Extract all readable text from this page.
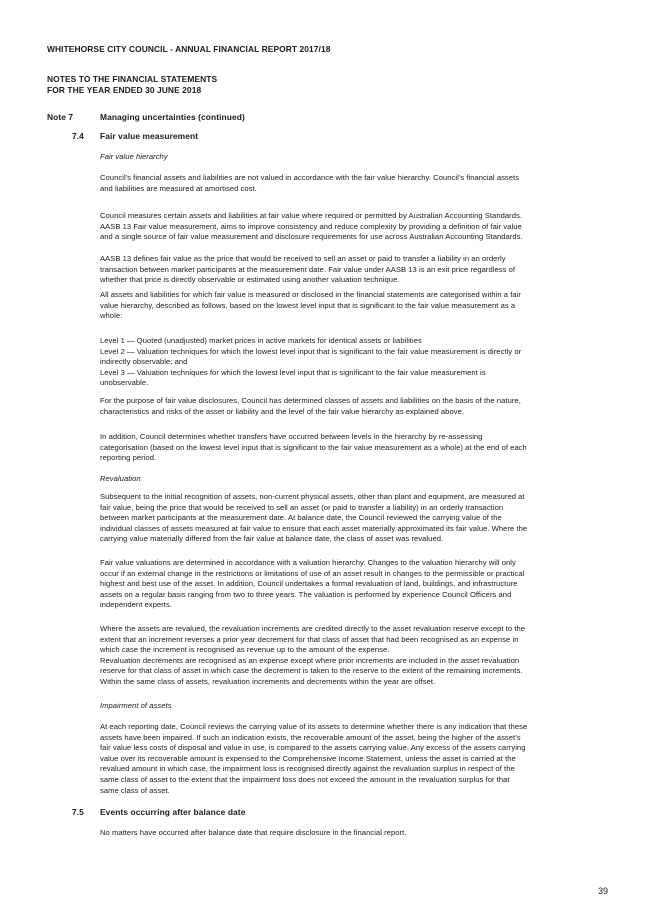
WHITEHORSE CITY COUNCIL - ANNUAL FINANCIAL REPORT 2017/18
NOTES TO THE FINANCIAL STATEMENTS
FOR THE YEAR ENDED 30 JUNE 2018
Note 7	Managing uncertainties (continued)
7.4 Fair value measurement
Fair value hierarchy
Council's financial assets and liabilities are not valued in accordance with the fair value hierarchy. Council's financial assets
and liabilities are measured at amortised cost.
Council measures certain assets and liabilities at fair value where required or permitted by Australian Accounting Standards.
AASB 13 Fair value measurement, aims to improve consistency and reduce complexity by providing a definition of fair value
and a single source of fair value measurement and disclosure requirements for use across Australian Accounting Standards.
AASB 13 defines fair value as the price that would be received to sell an asset or paid to transfer a liability in an orderly
transaction between market participants at the measurement date. Fair value under AASB 13 is an exit price regardless of
whether that price is directly observable or estimated using another valuation technique.
All assets and liabilities for which fair value is measured or disclosed in the financial statements are categorised within a fair
value hierarchy, described as follows, based on the lowest level input that is significant to the fair value measurement as a
whole:
Level 1 — Quoted (unadjusted) market prices in active markets for identical assets or liabilities
Level 2 — Valuation techniques for which the lowest level input that is significant to the fair value measurement is directly or
indirectly observable; and
Level 3 — Valuation techniques for which the lowest level input that is significant to the fair value measurement is
unobservable.
For the purpose of fair value disclosures, Council has determined classes of assets and liabilities on the basis of the nature,
characteristics and risks of the asset or liability and the level of the fair value hierarchy as explained above.
In addition, Council determines whether transfers have occurred between levels in the hierarchy by re-assessing
categorisation (based on the lowest level input that is significant to the fair value measurement as a whole) at the end of each
reporting period.
Revaluation
Subsequent to the initial recognition of assets, non-current physical assets, other than plant and equipment, are measured at
fair value, being the price that would be received to sell an asset (or paid to transfer a liability) in an orderly transaction
between market participants at the measurement date. At balance date, the Council reviewed the carrying value of the
individual classes of assets measured at fair value to ensure that each asset materially approximated its fair value. Where the
carrying value materially differed from the fair value at balance date, the class of asset was revalued.
Fair value valuations are determined in accordance with a valuation hierarchy. Changes to the valuation hierarchy will only
occur if an external change in the restrictions or limitations of use of an asset result in changes to the permissible or practical
highest and best use of the asset. In addition, Council undertakes a formal revaluation of land, buildings, and infrastructure
assets on a regular basis ranging from two to three years. The valuation is performed by experience Council Officers and
independent experts.
Where the assets are revalued, the revaluation increments are credited directly to the asset revaluation reserve except to the
extent that an increment reverses a prior year decrement for that class of asset that had been recognised as an expense in
which case the increment is recognised as revenue up to the amount of the expense.
Revaluation decrements are recognised as an expense except where prior increments are included in the asset revaluation
reserve for that class of asset in which case the decrement is taken to the reserve to the extent of the remaining increments.
Within the same class of assets, revaluation increments and decrements within the year are offset.
Impairment of assets
At each reporting date, Council reviews the carrying value of its assets to determine whether there is any indication that these
assets have been impaired. If such an indication exists, the recoverable amount of the asset, being the higher of the asset's
fair value less costs of disposal and value in use, is compared to the assets carrying value. Any excess of the assets carrying
value over its recoverable amount is expensed to the Comprehensive Income Statement, unless the asset is carried at the
revalued amount in which case, the impairment loss is recognised directly against the revaluation surplus in respect of the
same class of asset to the extent that the impairment loss does not exceed the amount in the revaluation surplus for that
same class of asset.
7.5 Events occurring after balance date
No matters have occurred after balance date that require disclosure in the financial report.
39
